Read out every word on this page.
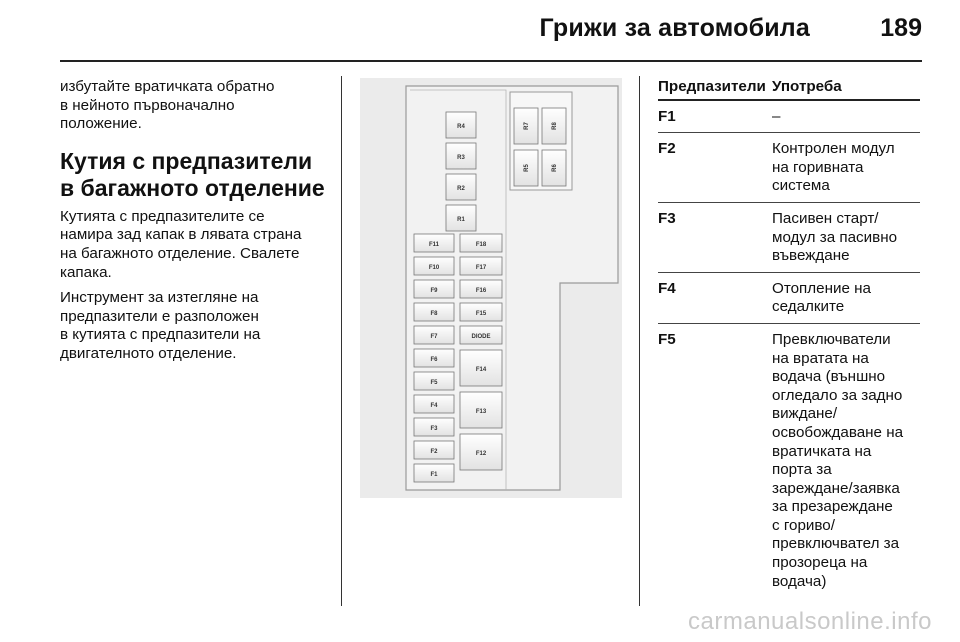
Грижи за автомобила	189

избутайте вратичката обратно
в нейното първоначално
положение.

Кутия с предпазители
в багажното отделение

Кутията с предпазителите се
намира зад капак в лявата страна
на багажното отделение. Свалете
капака.

Инструмент за изтегляне на
предпазители е разположен
в кутията с предпазители на
двигателното отделение.

R4
R3
R2
R1
R7	R8
R5	R6
F11
F10
F9
F8
F7
F6
F5
F4
F3
F2
F1
F18
F17
F16
F15
DIODE
F14
F13
F12
Предпазители Употреба
F1	–
F2	Контролен модул
на горивната
система
F3	Пасивен старт/
модул за пасивно
въвеждане
F4	Отопление на
седалките
F5	Превключватели
на вратата на
водача (външно
огледало за задно
виждане/
освобождаване на
вратичката на
порта за
зареждане/заявка
за презареждане
с гориво/
превключвател за
прозореца на
водача)
carmanualsonline.info
